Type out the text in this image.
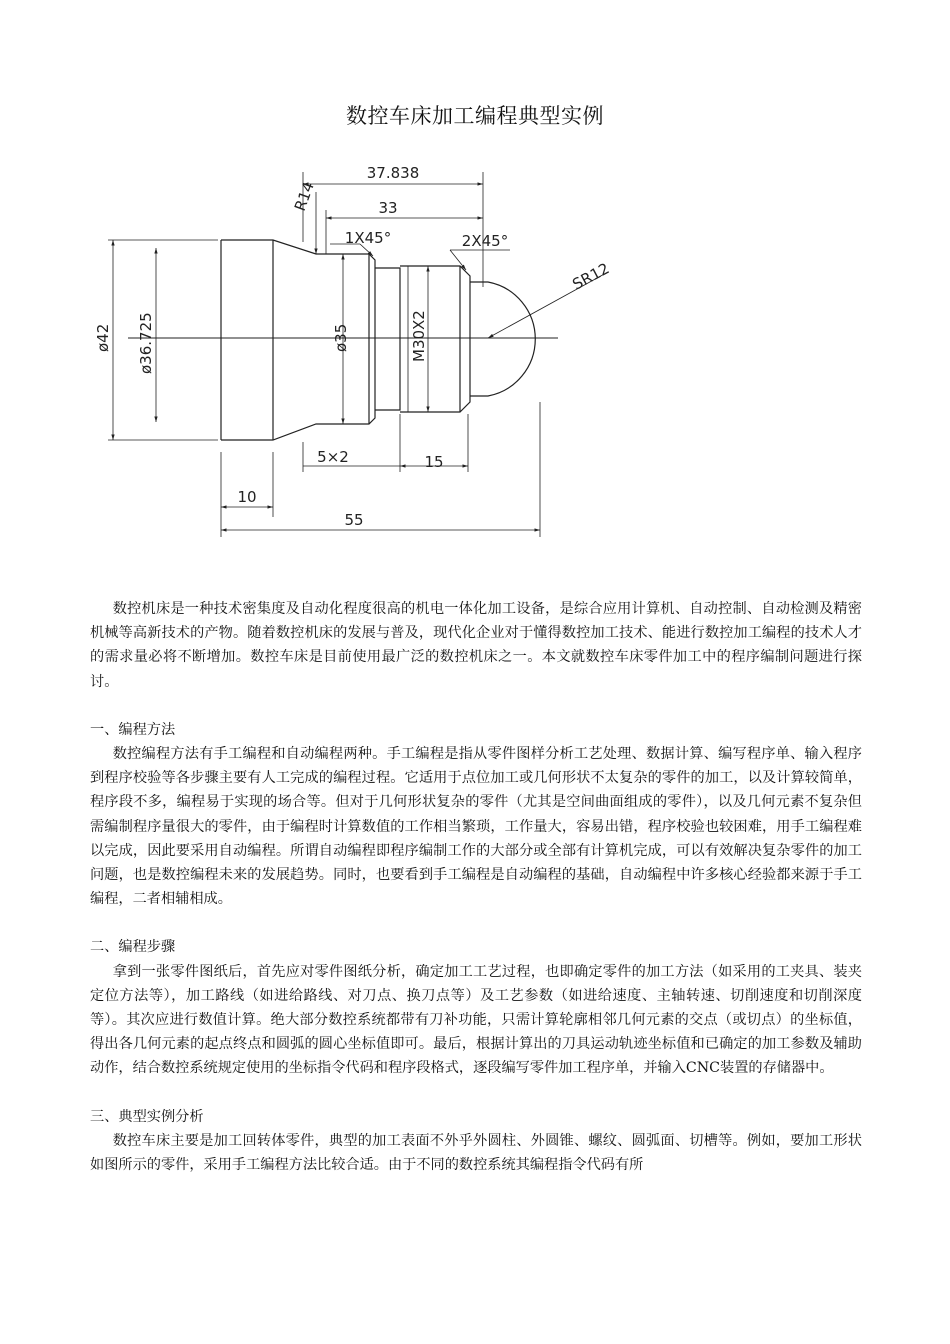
数控车床加工编程典型实例
37.838
R14	33
1X45°	2X45°
SR12
ø42 ø36.725	ø35	M30X2
5×2	15
10
55

数控机床是一种技术密集度及自动化程度很高的机电一体化加工设备，是综合应用计算机、自动控制、自动检测及精密机械等高新技术的产物。随着数控机床的发展与普及，现代化企业对于懂得数控加工技术、能进行数控加工编程的技术人才的需求量必将不断增加。数控车床是目前使用最广泛的数控机床之一。本文就数控车床零件加工中的程序编制问题进行探讨。

一、编程方法

数控编程方法有手工编程和自动编程两种。手工编程是指从零件图样分析工艺处理、数据计算、编写程序单、输入程序到程序校验等各步骤主要有人工完成的编程过程。它适用于点位加工或几何形状不太复杂的零件的加工，以及计算较简单，程序段不多，编程易于实现的场合等。但对于几何形状复杂的零件（尤其是空间曲面组成的零件），以及几何元素不复杂但需编制程序量很大的零件，由于编程时计算数值的工作相当繁琐，工作量大，容易出错，程序校验也较困难，用手工编程难以完成，因此要采用自动编程。所谓自动编程即程序编制工作的大部分或全部有计算机完成，可以有效解决复杂零件的加工问题，也是数控编程未来的发展趋势。同时，也要看到手工编程是自动编程的基础，自动编程中许多核心经验都来源于手工编程，二者相辅相成。

二、编程步骤

拿到一张零件图纸后，首先应对零件图纸分析，确定加工工艺过程，也即确定零件的加工方法（如采用的工夹具、装夹定位方法等），加工路线（如进给路线、对刀点、换刀点等）及工艺参数（如进给速度、主轴转速、切削速度和切削深度等）。其次应进行数值计算。绝大部分数控系统都带有刀补功能，只需计算轮廓相邻几何元素的交点（或切点）的坐标值，得出各几何元素的起点终点和圆弧的圆心坐标值即可。最后，根据计算出的刀具运动轨迹坐标值和已确定的加工参数及辅助动作，结合数控系统规定使用的坐标指令代码和程序段格式，逐段编写零件加工程序单，并输入CNC装置的存储器中。

三、典型实例分析

数控车床主要是加工回转体零件，典型的加工表面不外乎外圆柱、外圆锥、螺纹、圆弧面、切槽等。例如，要加工形状如图所示的零件，采用手工编程方法比较合适。由于不同的数控系统其编程指令代码有所
